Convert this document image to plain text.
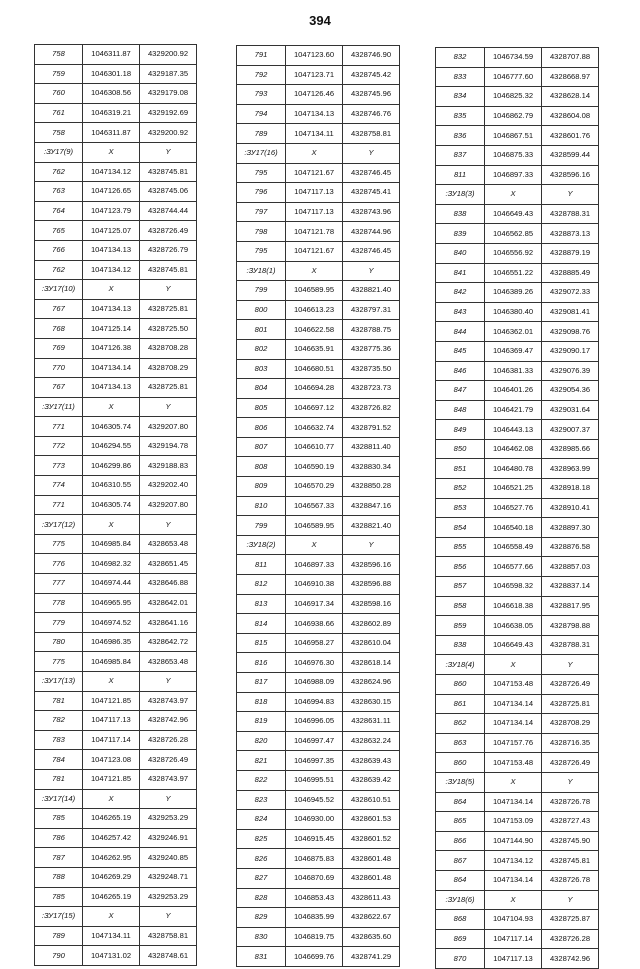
394
758	1046311.87	4329200.92
759	1046301.18	4329187.35
760	1046308.56	4329179.08
761	1046319.21	4329192.69
758	1046311.87	4329200.92
:ЗУ17(9)	X	Y
762	1047134.12	4328745.81
763	1047126.65	4328745.06
764	1047123.79	4328744.44
765	1047125.07	4328726.49
766	1047134.13	4328726.79
762	1047134.12	4328745.81
:ЗУ17(10)	X	Y
767	1047134.13	4328725.81
768	1047125.14	4328725.50
769	1047126.38	4328708.28
770	1047134.14	4328708.29
767	1047134.13	4328725.81
:ЗУ17(11)	X	Y
771	1046305.74	4329207.80
772	1046294.55	4329194.78
773	1046299.86	4329188.83
774	1046310.55	4329202.40
771	1046305.74	4329207.80
:ЗУ17(12)	X	Y
775	1046985.84	4328653.48
776	1046982.32	4328651.45
777	1046974.44	4328646.88
778	1046965.95	4328642.01
779	1046974.52	4328641.16
780	1046986.35	4328642.72
775	1046985.84	4328653.48
:ЗУ17(13)	X	Y
781	1047121.85	4328743.97
782	1047117.13	4328742.96
783	1047117.14	4328726.28
784	1047123.08	4328726.49
781	1047121.85	4328743.97
:ЗУ17(14)	X	Y
785	1046265.19	4329253.29
786	1046257.42	4329246.91
787	1046262.95	4329240.85
788	1046269.29	4329248.71
785	1046265.19	4329253.29
:ЗУ17(15)	X	Y
789	1047134.11	4328758.81
790	1047131.02	4328748.61
791	1047123.60	4328746.90
792	1047123.71	4328745.42
793	1047126.46	4328745.96
794	1047134.13	4328746.76
789	1047134.11	4328758.81
:ЗУ17(16)	X	Y
795	1047121.67	4328746.45
796	1047117.13	4328745.41
797	1047117.13	4328743.96
798	1047121.78	4328744.96
795	1047121.67	4328746.45
:ЗУ18(1)	X	Y
799	1046589.95	4328821.40
800	1046613.23	4328797.31
801	1046622.58	4328788.75
802	1046635.91	4328775.36
803	1046680.51	4328735.50
804	1046694.28	4328723.73
805	1046697.12	4328726.82
806	1046632.74	4328791.52
807	1046610.77	4328811.40
808	1046590.19	4328830.34
809	1046570.29	4328850.28
810	1046567.33	4328847.16
799	1046589.95	4328821.40
:ЗУ18(2)	X	Y
811	1046897.33	4328596.16
812	1046910.38	4328596.88
813	1046917.34	4328598.16
814	1046938.66	4328602.89
815	1046958.27	4328610.04
816	1046976.30	4328618.14
817	1046988.09	4328624.96
818	1046994.83	4328630.15
819	1046996.05	4328631.11
820	1046997.47	4328632.24
821	1046997.35	4328639.43
822	1046995.51	4328639.42
823	1046945.52	4328610.51
824	1046930.00	4328601.53
825	1046915.45	4328601.52
826	1046875.83	4328601.48
827	1046870.69	4328601.48
828	1046853.43	4328611.43
829	1046835.99	4328622.67
830	1046819.75	4328635.60
831	1046699.76	4328741.29
832	1046734.59	4328707.88
833	1046777.60	4328668.97
834	1046825.32	4328628.14
835	1046862.79	4328604.08
836	1046867.51	4328601.76
837	1046875.33	4328599.44
811	1046897.33	4328596.16
:ЗУ18(3)	X	Y
838	1046649.43	4328788.31
839	1046562.85	4328873.13
840	1046556.92	4328879.19
841	1046551.22	4328885.49
842	1046389.26	4329072.33
843	1046380.40	4329081.41
844	1046362.01	4329098.76
845	1046369.47	4329090.17
846	1046381.33	4329076.39
847	1046401.26	4329054.36
848	1046421.79	4329031.64
849	1046443.13	4329007.37
850	1046462.08	4328985.66
851	1046480.78	4328963.99
852	1046521.25	4328918.18
853	1046527.76	4328910.41
854	1046540.18	4328897.30
855	1046558.49	4328876.58
856	1046577.66	4328857.03
857	1046598.32	4328837.14
858	1046618.38	4328817.95
859	1046638.05	4328798.88
838	1046649.43	4328788.31
:ЗУ18(4)	X	Y
860	1047153.48	4328726.49
861	1047134.14	4328725.81
862	1047134.14	4328708.29
863	1047157.76	4328716.35
860	1047153.48	4328726.49
:ЗУ18(5)	X	Y
864	1047134.14	4328726.78
865	1047153.09	4328727.43
866	1047144.90	4328745.90
867	1047134.12	4328745.81
864	1047134.14	4328726.78
:ЗУ18(6)	X	Y
868	1047104.93	4328725.87
869	1047117.14	4328726.28
870	1047117.13	4328742.96
